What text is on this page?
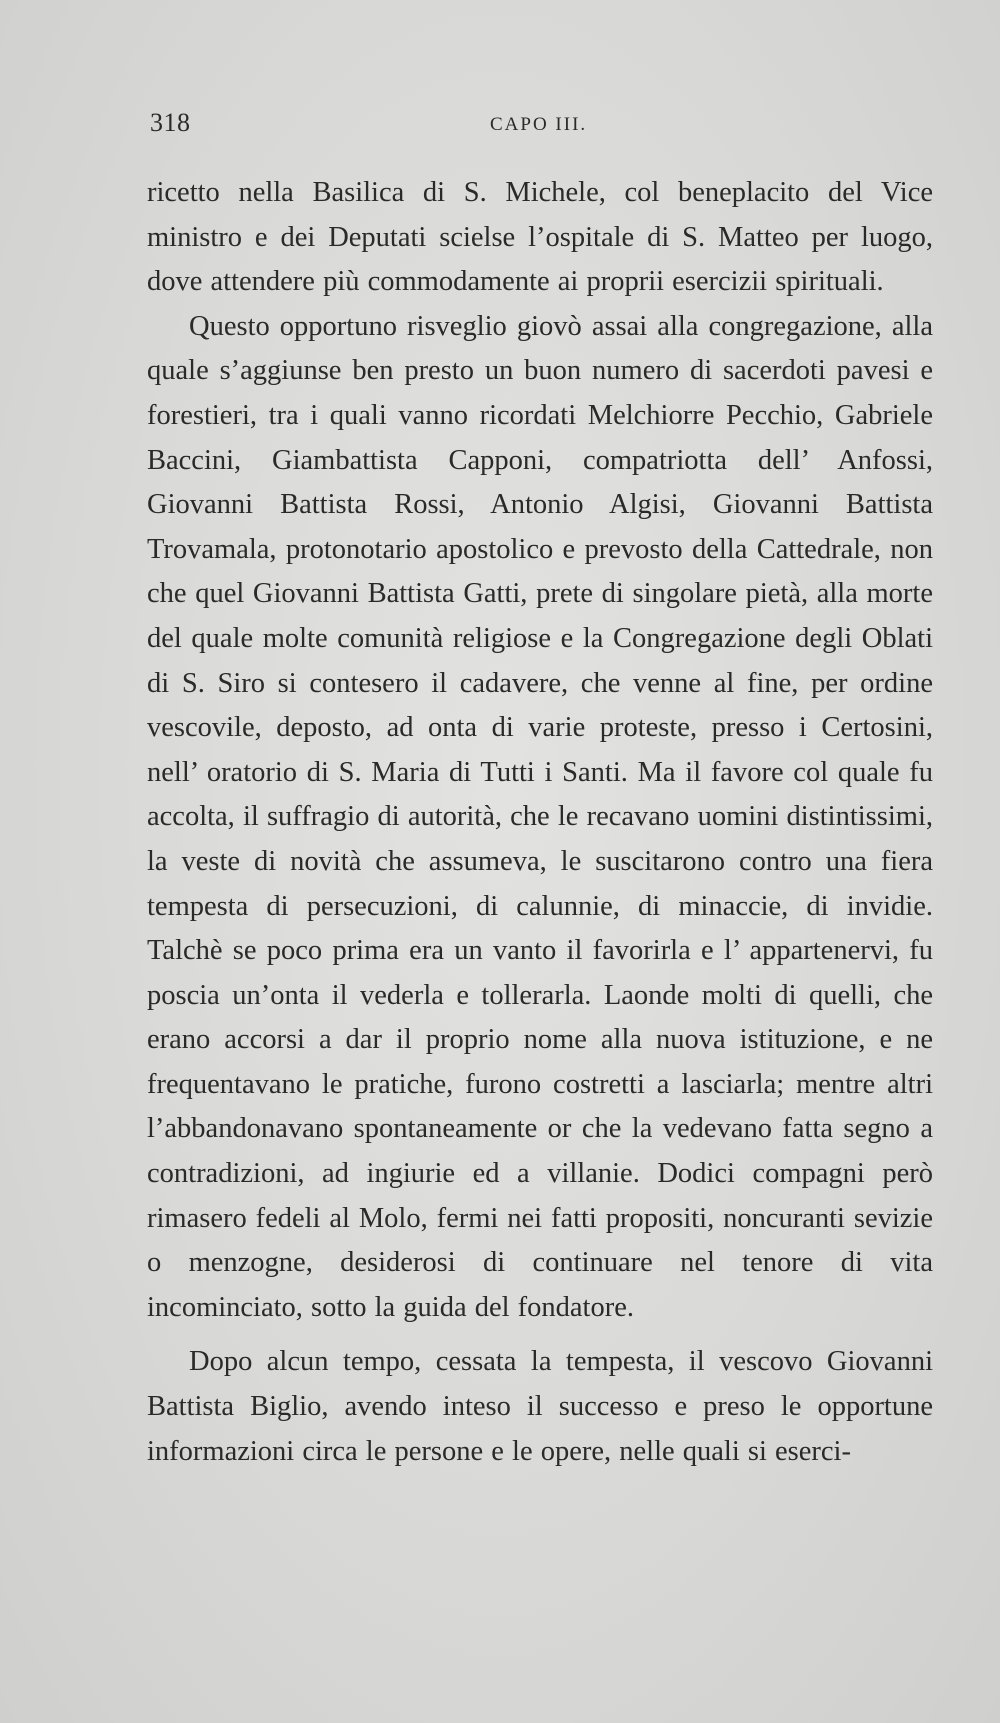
318	CAPO III.

ricetto nella Basilica di S. Michele, col beneplacito del Vice ministro e dei Deputati scielse l’ospitale di S. Matteo per luogo, dove attendere più commodamente ai proprii esercizii spirituali.

Questo opportuno risveglio giovò assai alla congregazione, alla quale s’aggiunse ben presto un buon numero di sacerdoti pavesi e forestieri, tra i quali vanno ricordati Melchiorre Pecchio, Gabriele Baccini, Giambattista Capponi, compatriotta dell’ Anfossi, Giovanni Battista Rossi, Antonio Algisi, Giovanni Battista Trovamala, protonotario apostolico e prevosto della Cattedrale, non che quel Giovanni Battista Gatti, prete di singolare pietà, alla morte del quale molte comunità religiose e la Congregazione degli Oblati di S. Siro si contesero il cadavere, che venne al fine, per ordine vescovile, deposto, ad onta di varie proteste, presso i Certosini, nell’ oratorio di S. Maria di Tutti i Santi. Ma il favore col quale fu accolta, il suffragio di autorità, che le recavano uomini distintissimi, la veste di novità che assumeva, le suscitarono contro una fiera tempesta di persecuzioni, di calunnie, di minaccie, di invidie. Talchè se poco prima era un vanto il favorirla e l’ appartenervi, fu poscia un’onta il vederla e tollerarla. Laonde molti di quelli, che erano accorsi a dar il proprio nome alla nuova istituzione, e ne frequentavano le pratiche, furono costretti a lasciarla; mentre altri l’abbandonavano spontaneamente or che la vedevano fatta segno a contradizioni, ad ingiurie ed a villanie. Dodici compagni però rimasero fedeli al Molo, fermi nei fatti propositi, noncuranti sevizie o menzogne, desiderosi di continuare nel tenore di vita incominciato, sotto la guida del fondatore.

Dopo alcun tempo, cessata la tempesta, il vescovo Giovanni Battista Biglio, avendo inteso il successo e preso le opportune informazioni circa le persone e le opere, nelle quali si eserci-
